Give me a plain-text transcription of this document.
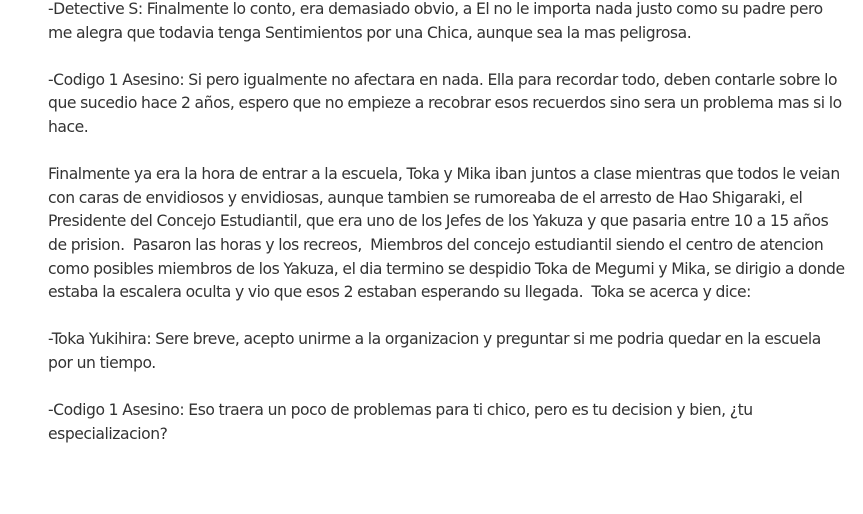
-Detective S: Finalmente lo conto, era demasiado obvio, a El no le importa nada justo como su padre pero me alegra que todavia tenga Sentimientos por una Chica, aunque sea la mas peligrosa.

-Codigo 1 Asesino: Si pero igualmente no afectara en nada. Ella para recordar todo, deben contarle sobre lo que sucedio hace 2 años, espero que no empieze a recobrar esos recuerdos sino sera un problema mas si lo hace.

Finalmente ya era la hora de entrar a la escuela, Toka y Mika iban juntos a clase mientras que todos le veian con caras de envidiosos y envidiosas, aunque tambien se rumoreaba de el arresto de Hao Shigaraki, el Presidente del Concejo Estudiantil, que era uno de los Jefes de los Yakuza y que pasaria entre 10 a 15 años de prision.  Pasaron las horas y los recreos,  Miembros del concejo estudiantil siendo el centro de atencion como posibles miembros de los Yakuza, el dia termino se despidio Toka de Megumi y Mika, se dirigio a donde estaba la escalera oculta y vio que esos 2 estaban esperando su llegada.  Toka se acerca y dice:

-Toka Yukihira: Sere breve, acepto unirme a la organizacion y preguntar si me podria quedar en la escuela por un tiempo.

-Codigo 1 Asesino: Eso traera un poco de problemas para ti chico, pero es tu decision y bien, ¿tu especializacion?
